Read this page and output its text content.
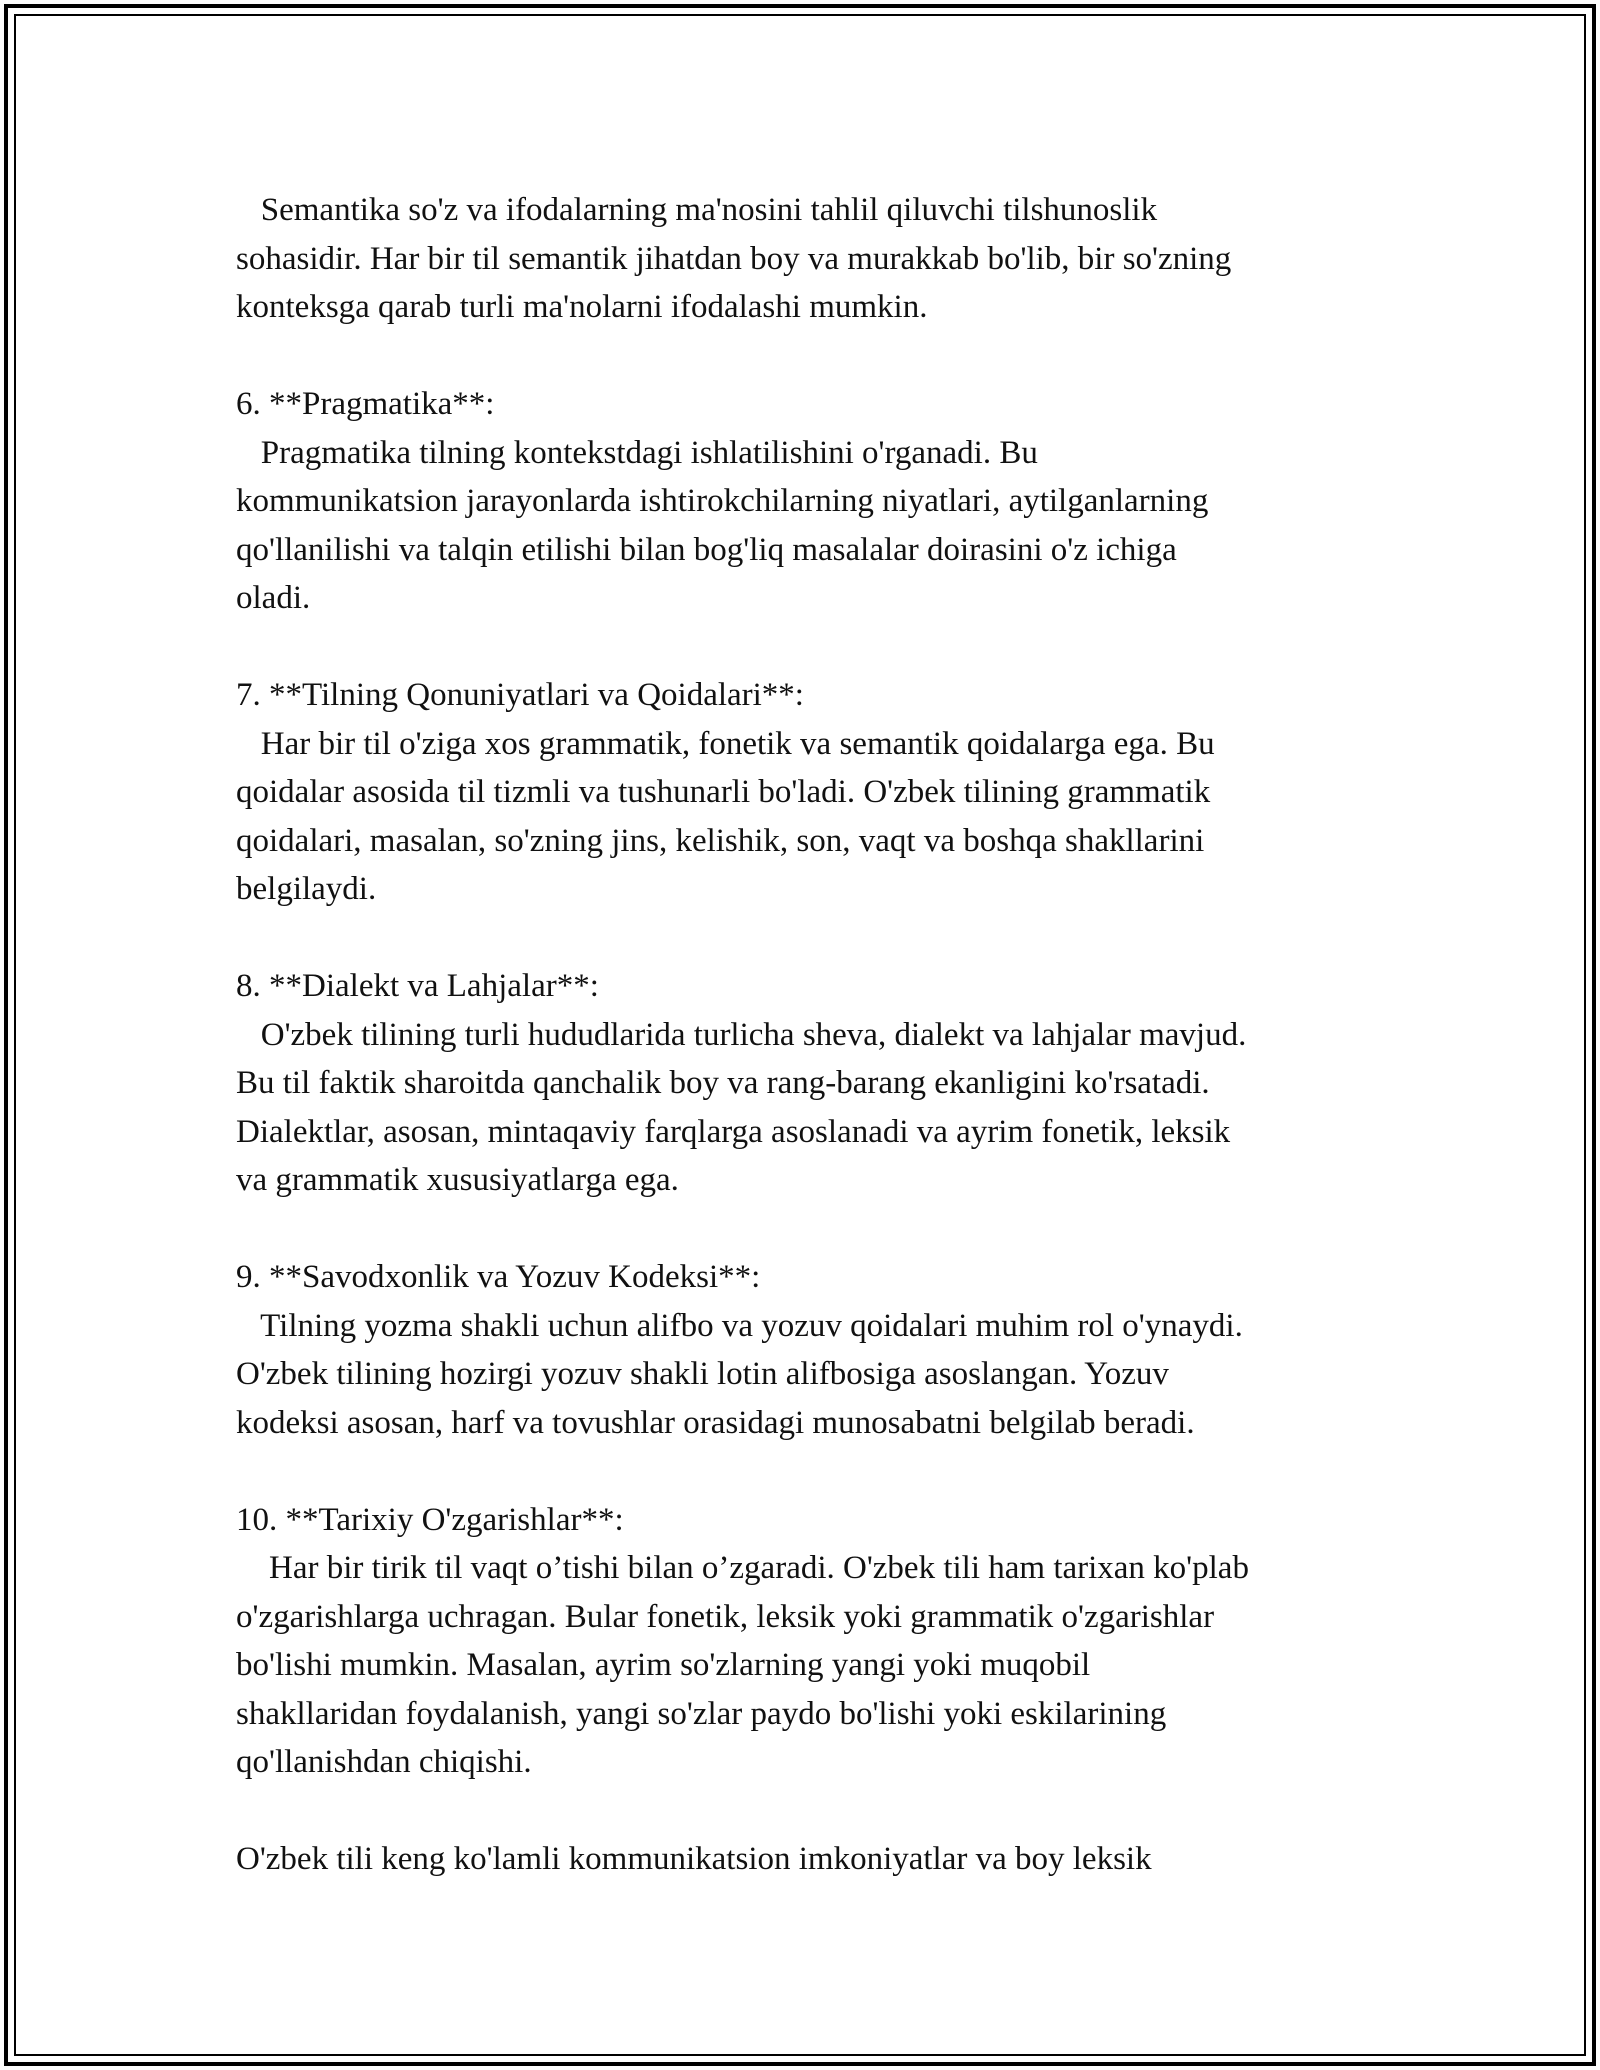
Semantika so'z va ifodalarning ma'nosini tahlil qiluvchi tilshunoslik
sohasidir. Har bir til semantik jihatdan boy va murakkab bo'lib, bir so'zning
konteksga qarab turli ma'nolarni ifodalashi mumkin.
6. **Pragmatika**:
Pragmatika tilning kontekstdagi ishlatilishini o'rganadi. Bu
kommunikatsion jarayonlarda ishtirokchilarning niyatlari, aytilganlarning
qo'llanilishi va talqin etilishi bilan bog'liq masalalar doirasini o'z ichiga
oladi.
7. **Tilning Qonuniyatlari va Qoidalari**:
Har bir til o'ziga xos grammatik, fonetik va semantik qoidalarga ega. Bu
qoidalar asosida til tizmli va tushunarli bo'ladi. O'zbek tilining grammatik
qoidalari, masalan, so'zning jins, kelishik, son, vaqt va boshqa shakllarini
belgilaydi.
8. **Dialekt va Lahjalar**:
O'zbek tilining turli hududlarida turlicha sheva, dialekt va lahjalar mavjud.
Bu til faktik sharoitda qanchalik boy va rang-barang ekanligini ko'rsatadi.
Dialektlar, asosan, mintaqaviy farqlarga asoslanadi va ayrim fonetik, leksik
va grammatik xususiyatlarga ega.
9. **Savodxonlik va Yozuv Kodeksi**:
Tilning yozma shakli uchun alifbo va yozuv qoidalari muhim rol o'ynaydi.
O'zbek tilining hozirgi yozuv shakli lotin alifbosiga asoslangan. Yozuv
kodeksi asosan, harf va tovushlar orasidagi munosabatni belgilab beradi.
10. **Tarixiy O'zgarishlar**:
Har bir tirik til vaqt o’tishi bilan o’zgaradi. O'zbek tili ham tarixan ko'plab
o'zgarishlarga uchragan. Bular fonetik, leksik yoki grammatik o'zgarishlar
bo'lishi mumkin. Masalan, ayrim so'zlarning yangi yoki muqobil
shakllaridan foydalanish, yangi so'zlar paydo bo'lishi yoki eskilarining
qo'llanishdan chiqishi.
O'zbek tili keng ko'lamli kommunikatsion imkoniyatlar va boy leksik
